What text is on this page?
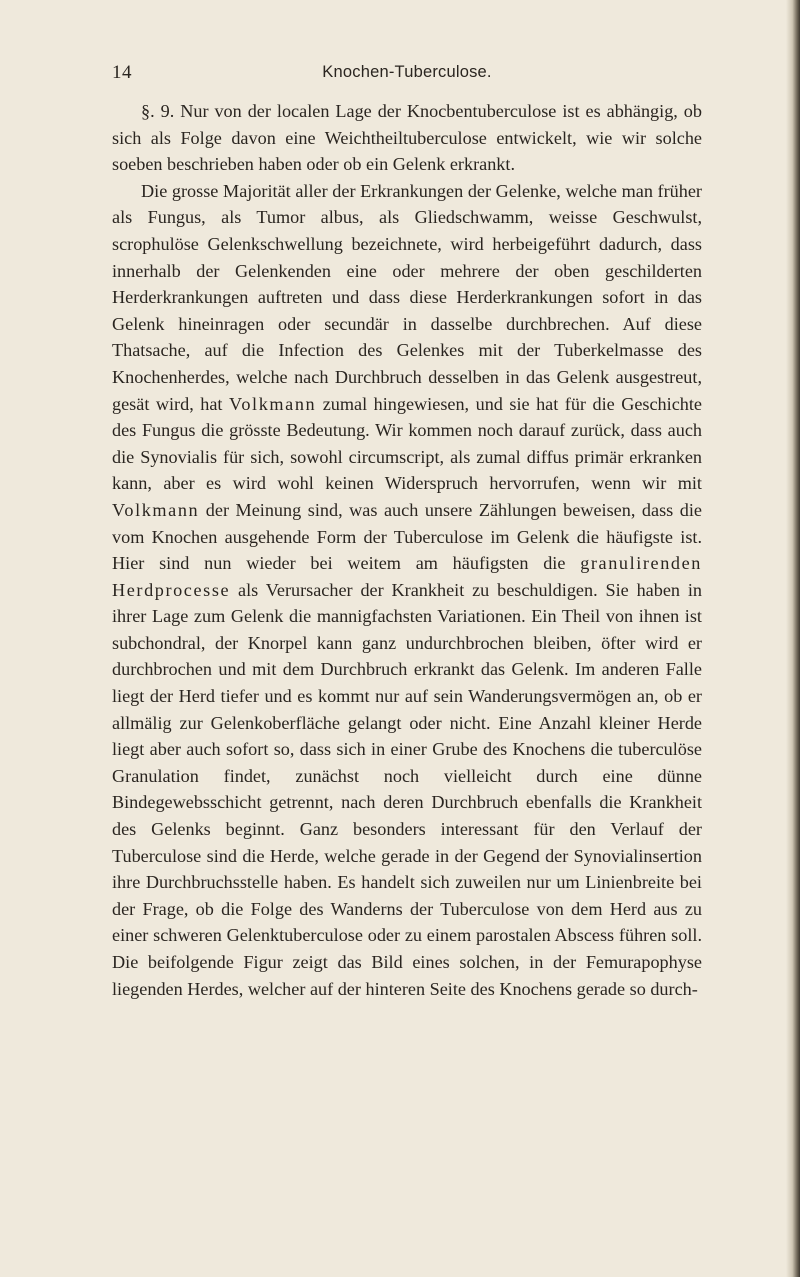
14	Knochen-Tuberculose.

§. 9. Nur von der localen Lage der Knocbentuberculose ist es abhängig, ob sich als Folge davon eine Weichtheiltuberculose entwickelt, wie wir solche soeben beschrieben haben oder ob ein Gelenk erkrankt.

Die grosse Majorität aller der Erkrankungen der Gelenke, welche man früher als Fungus, als Tumor albus, als Gliedschwamm, weisse Geschwulst, scrophulöse Gelenkschwellung bezeichnete, wird herbeigeführt dadurch, dass innerhalb der Gelenkenden eine oder mehrere der oben geschilderten Herderkrankungen auftreten und dass diese Herderkrankungen sofort in das Gelenk hineinragen oder secundär in dasselbe durchbrechen. Auf diese Thatsache, auf die Infection des Gelenkes mit der Tuberkelmasse des Knochenherdes, welche nach Durchbruch desselben in das Gelenk ausgestreut, gesät wird, hat Volkmann zumal hingewiesen, und sie hat für die Geschichte des Fungus die grösste Bedeutung. Wir kommen noch darauf zurück, dass auch die Synovialis für sich, sowohl circumscript, als zumal diffus primär erkranken kann, aber es wird wohl keinen Widerspruch hervorrufen, wenn wir mit Volkmann der Meinung sind, was auch unsere Zählungen beweisen, dass die vom Knochen ausgehende Form der Tuberculose im Gelenk die häufigste ist. Hier sind nun wieder bei weitem am häufigsten die granulirenden Herdprocesse als Verursacher der Krankheit zu beschuldigen. Sie haben in ihrer Lage zum Gelenk die mannigfachsten Variationen. Ein Theil von ihnen ist subchondral, der Knorpel kann ganz undurchbrochen bleiben, öfter wird er durchbrochen und mit dem Durchbruch erkrankt das Gelenk. Im anderen Falle liegt der Herd tiefer und es kommt nur auf sein Wanderungsvermögen an, ob er allmälig zur Gelenkoberfläche gelangt oder nicht. Eine Anzahl kleiner Herde liegt aber auch sofort so, dass sich in einer Grube des Knochens die tuberculöse Granulation findet, zunächst noch vielleicht durch eine dünne Bindegewebsschicht getrennt, nach deren Durchbruch ebenfalls die Krankheit des Gelenks beginnt. Ganz besonders interessant für den Verlauf der Tuberculose sind die Herde, welche gerade in der Gegend der Synovialinsertion ihre Durchbruchsstelle haben. Es handelt sich zuweilen nur um Linienbreite bei der Frage, ob die Folge des Wanderns der Tuberculose von dem Herd aus zu einer schweren Gelenktuberculose oder zu einem parostalen Abscess führen soll. Die beifolgende Figur zeigt das Bild eines solchen, in der Femurapophyse liegenden Herdes, welcher auf der hinteren Seite des Knochens gerade so durch-
